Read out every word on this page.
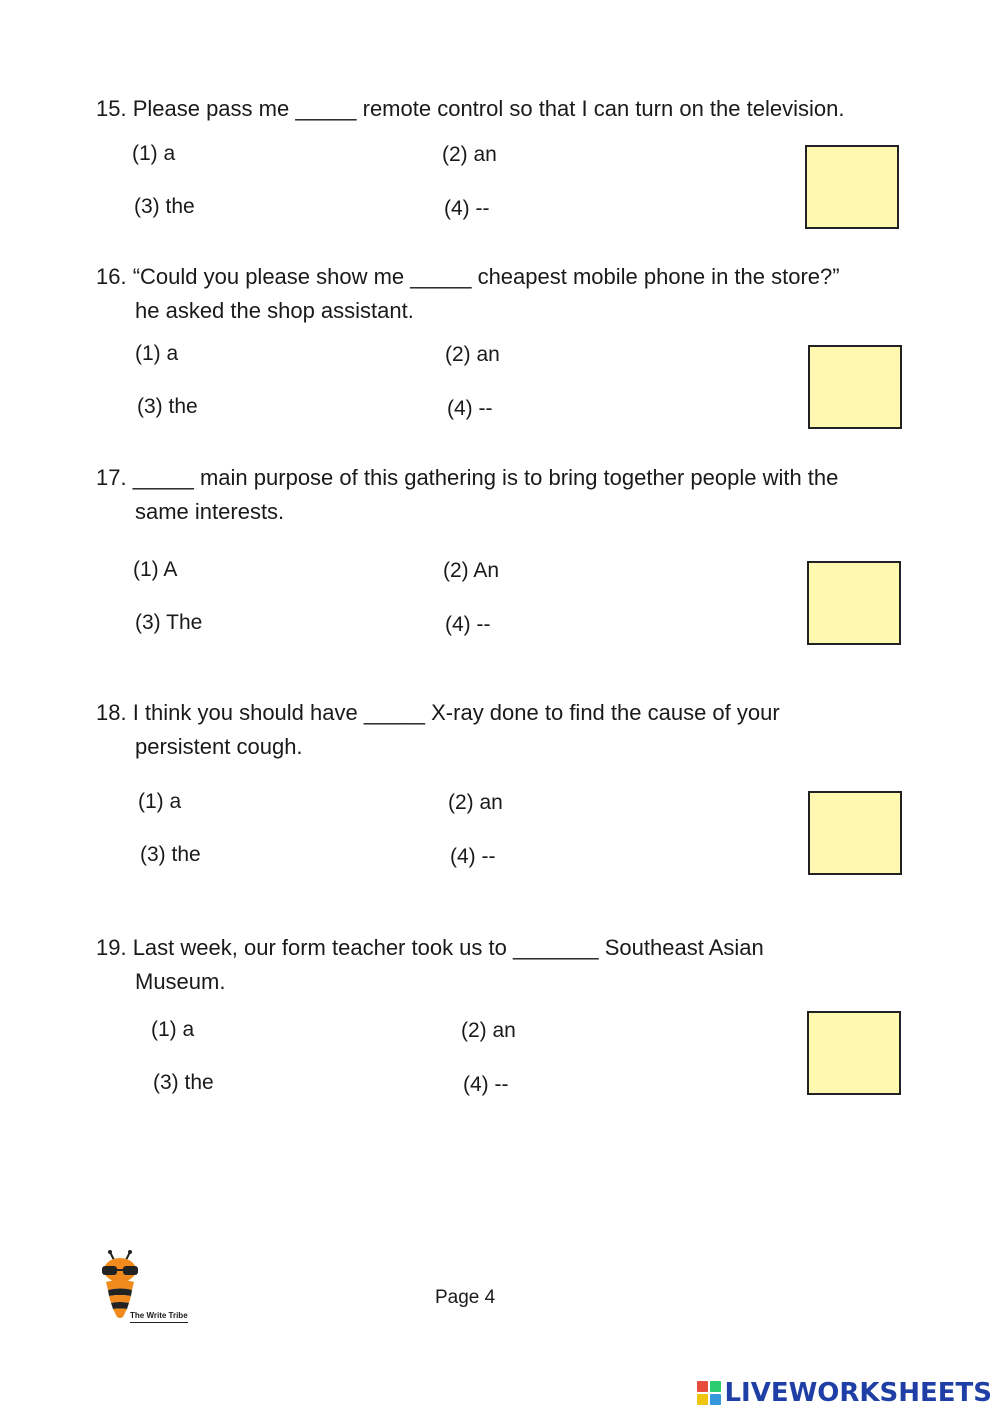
15. Please pass me _____ remote control so that I can turn on the television.
(1) a	(2) an
(3) the	(4) --
16. “Could you please show me _____ cheapest mobile phone in the store?”
he asked the shop assistant.
(1) a	(2) an
(3) the	(4) --
17. _____ main purpose of this gathering is to bring together people with the
same interests.
(1) A	(2) An
(3) The	(4) --
18. I think you should have _____ X-ray done to find the cause of your
persistent cough.
(1) a	(2) an
(3) the	(4) --
19. Last week, our form teacher took us to _______ Southeast Asian
Museum.
(1) a	(2) an
(3) the	(4) --
The Write Tribe
Page 4
LIVEWORKSHEETS
